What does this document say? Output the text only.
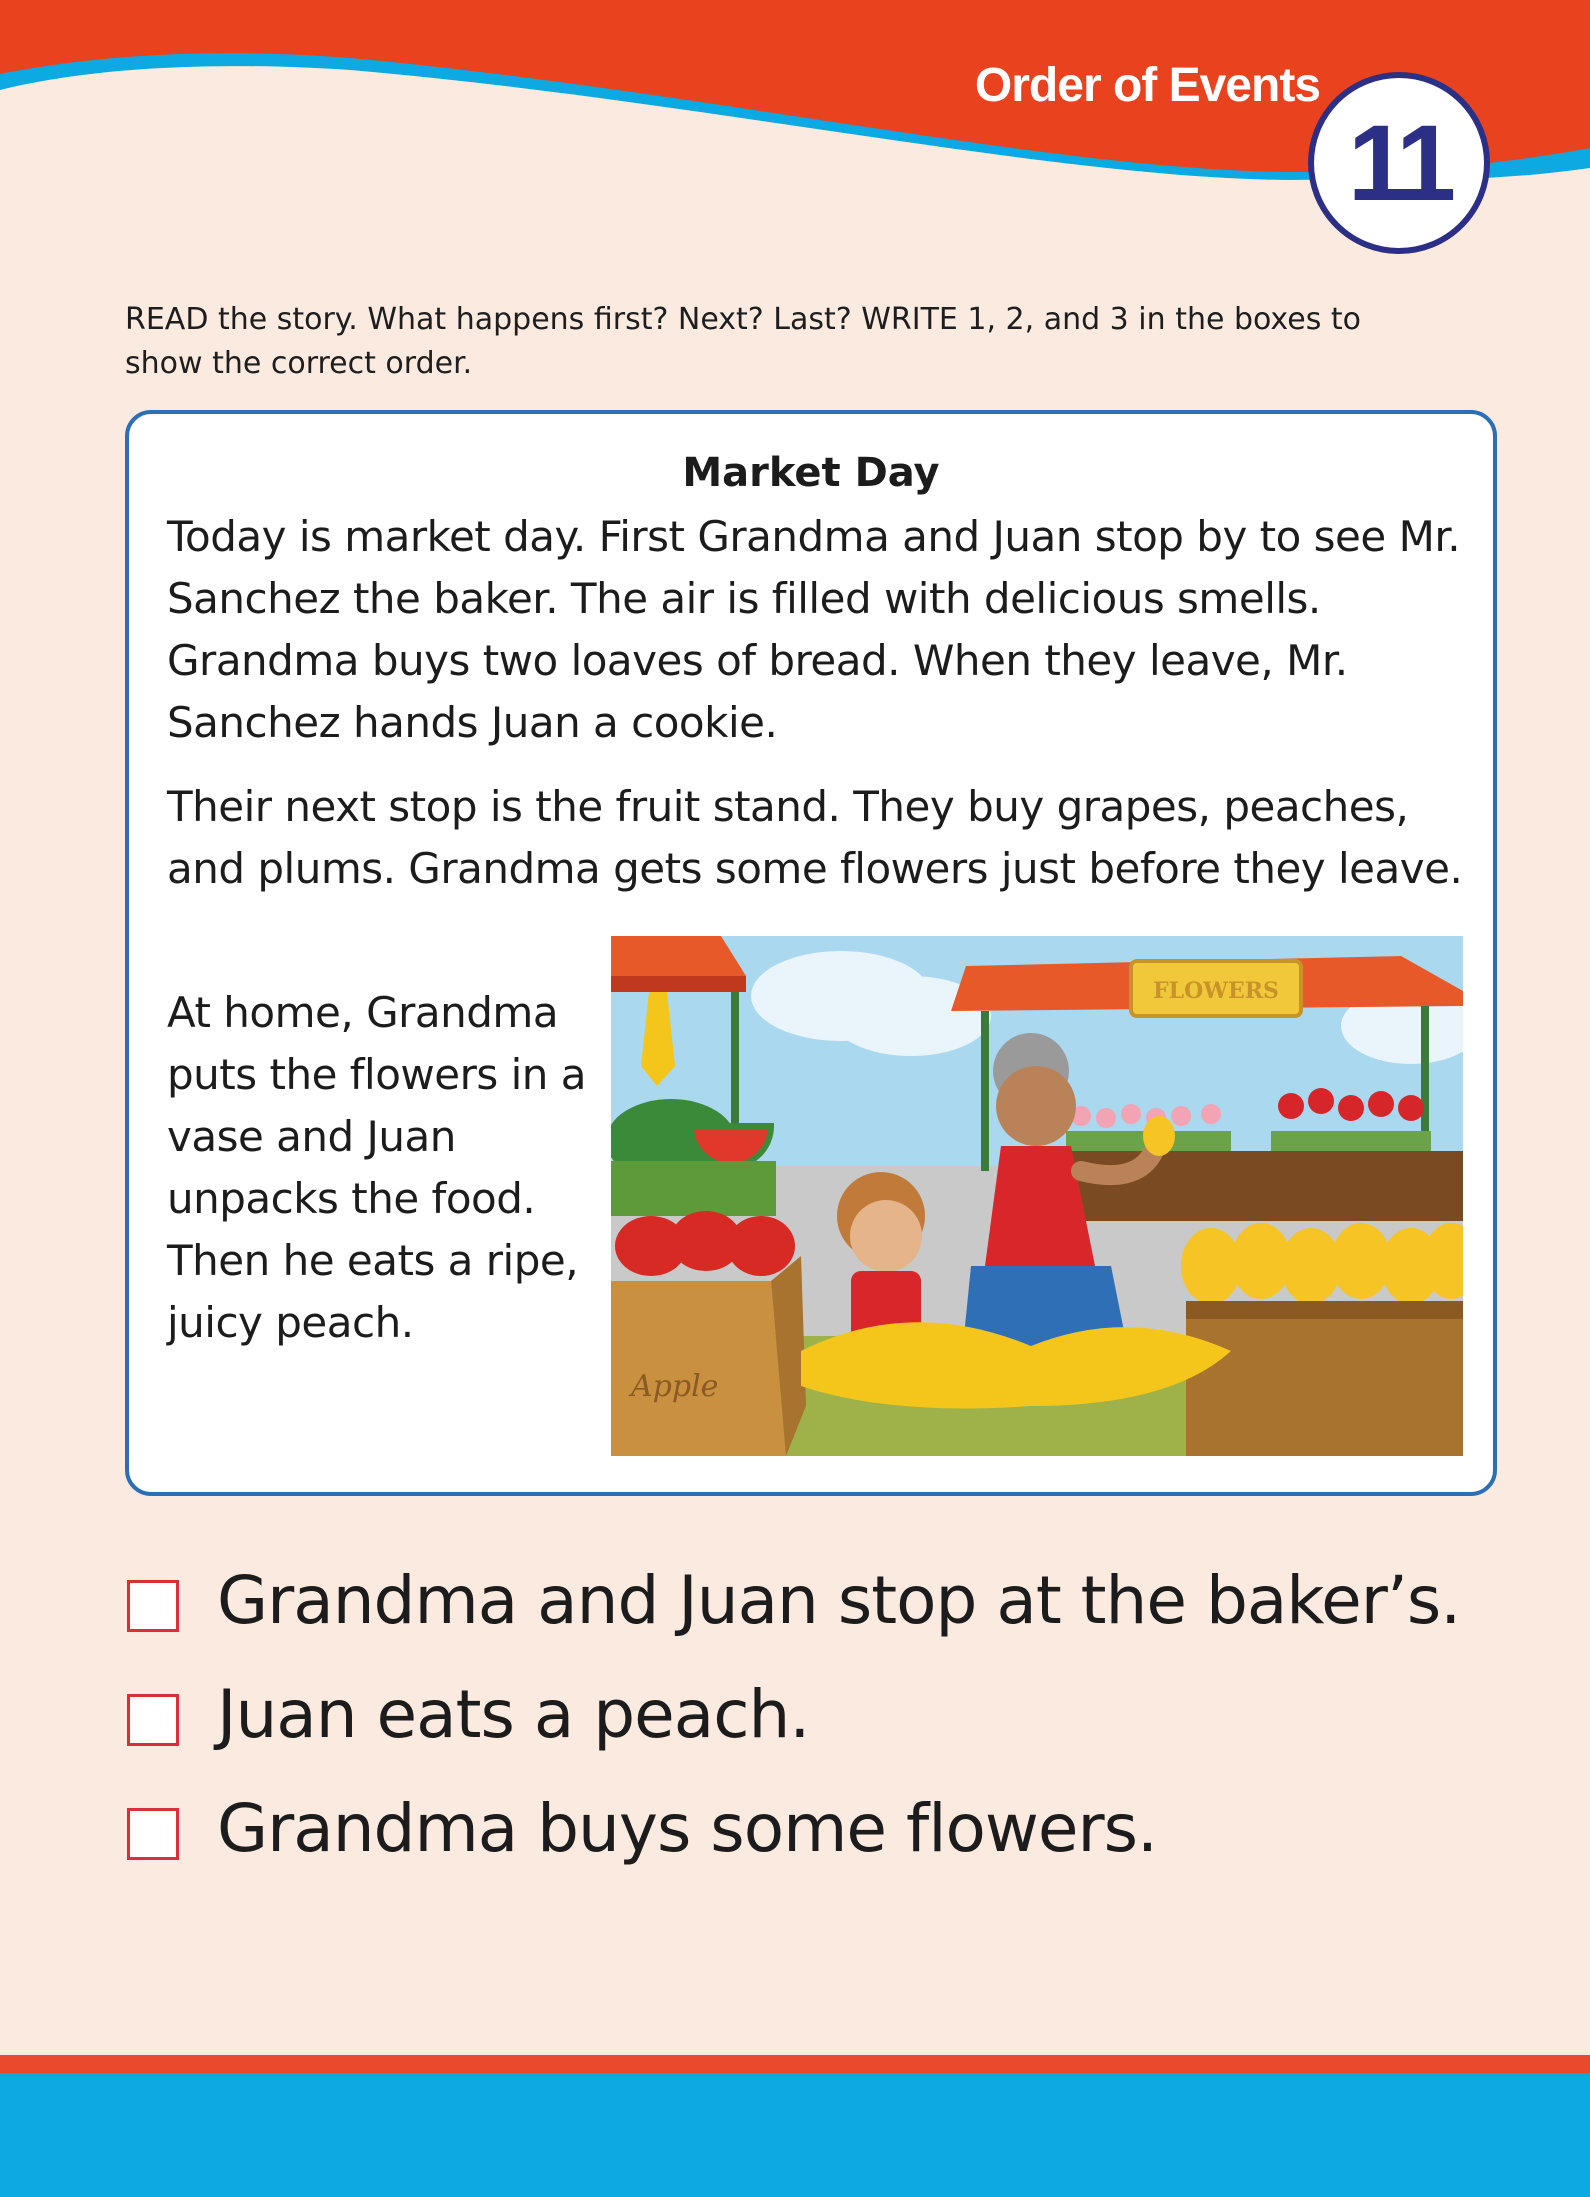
Order of Events
11
READ the story. What happens first? Next? Last? WRITE 1, 2, and 3 in the boxes to show the correct order.
Market Day

Today is market day. First Grandma and Juan stop by to see Mr. Sanchez the baker. The air is filled with delicious smells. Grandma buys two loaves of bread. When they leave, Mr. Sanchez hands Juan a cookie.

Their next stop is the fruit stand. They buy grapes, peaches, and plums. Grandma gets some flowers just before they leave.

At home, Grandma puts the flowers in a vase and Juan unpacks the food. Then he eats a ripe, juicy peach.

Apple
FLOWERS
Grandma and Juan stop at the baker’s.
Juan eats a peach.
Grandma buys some flowers.
